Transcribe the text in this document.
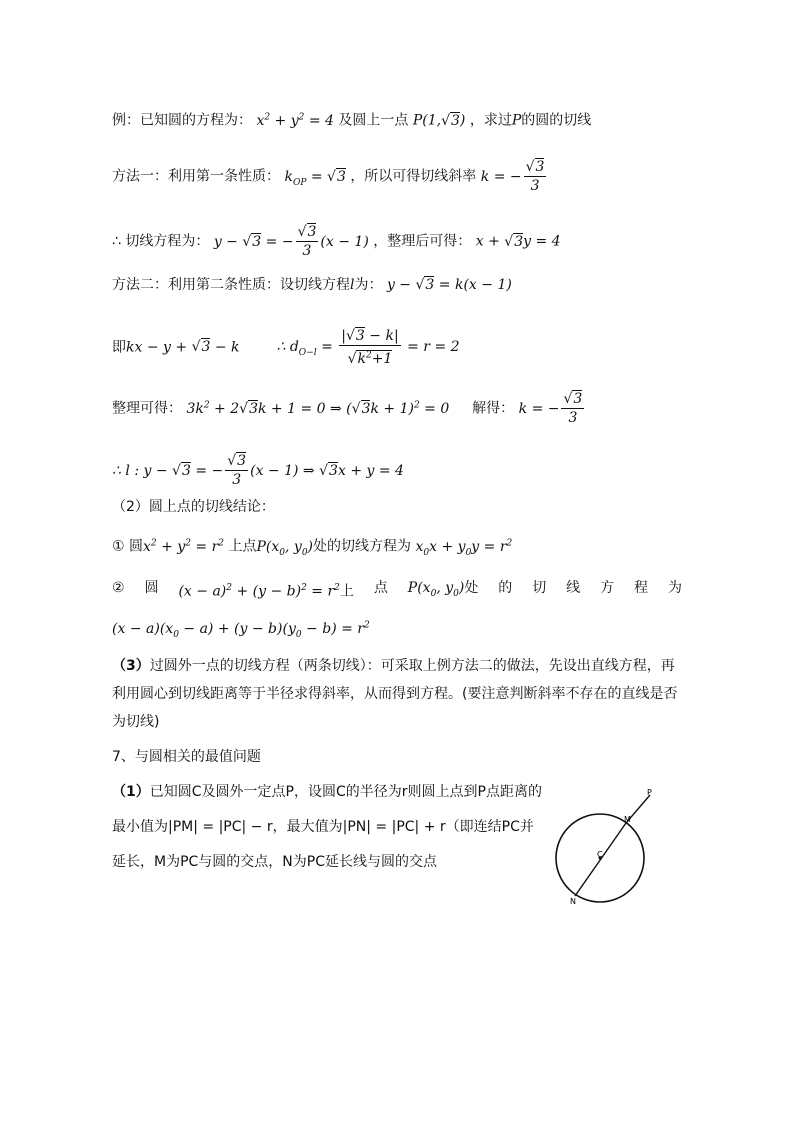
例：已知圆的方程为： $x^2 + y^2 = 4$ 及圆上一点 P(1,√ 3) ，求过P的圆的切线
方法一：利用第一条性质： $k_{OP}$ = √ 3 ，所以可得切线斜率 k = −
√ $\frac{3}{3}$
∴ 切线方程为： y − √ 3 = −
√ $\frac{3}{3} (x - 1)$ ，整理后可得： x + √ 3y = 4
方法二：利用第二条性质：设切线方程l为： y − √ 3 = k(x − 1)
即kx − y + √ 3 − k	∴ $d_{O-l}$ = |√ 3 − k|
√ $k^2+1 = r = 2$
整理可得： $3k^2 + 2√$ 3k + 1 = 0 ⇒ (√ 3k + 1)$^2$ = 0 解得： k = −
√ $\frac{3}{3}$
∴ l : y − √ 3 = −
√ $\frac{3}{3} (x - 1)$ ⇒ √ 3x + y = 4
（2）圆上点的切线结论：
① 圆$x^2 + y^2 = r^2$ 上点$P(x_0$, $y_0$)处的切线方程为 $x_0x + y_0y = r^2$
② 圆 $(x - a)^2 + (y - b)^2 = r^2$上 点 $P(x_0$, $y_0$)处 的 切 线 方 程 为
$(x - a)(x_0 - a) + (y - b)(y_0 - b) = r^2$
（3）过圆外一点的切线方程（两条切线）：可采取上例方法二的做法，先设出直线方程，再利用圆心到切线距离等于半径求得斜率，从而得到方程。(要注意判断斜率不存在的直线是否为切线)
7、与圆相关的最值问题
（1）已知圆C及圆外一定点P，设圆C的半径为r则圆上点到P点距离的最小值为|PM| = |PC| − r，最大值为|PN| = |PC| + r（即连结PC并延长，M为PC与圆的交点，N为PC延长线与圆的交点
P
M
C
N
